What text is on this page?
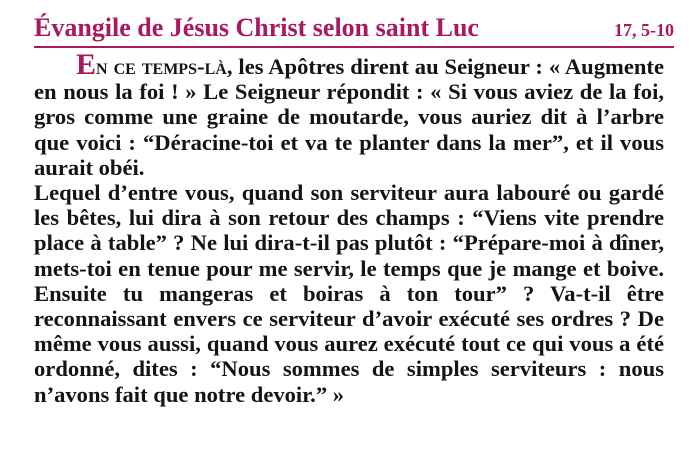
Évangile de Jésus Christ selon saint Luc	17, 5-10

En ce temps-là, les Apôtres dirent au Seigneur : « Augmente en nous la foi ! » Le Seigneur répondit : « Si vous aviez de la foi, gros comme une graine de moutarde, vous auriez dit à l’arbre que voici : “Déracine-toi et va te planter dans la mer”, et il vous aurait obéi.

Lequel d’entre vous, quand son serviteur aura labouré ou gardé les bêtes, lui dira à son retour des champs : “Viens vite prendre place à table” ? Ne lui dira-t-il pas plutôt : “Prépare-moi à dîner, mets-toi en tenue pour me servir, le temps que je mange et boive. Ensuite tu mangeras et boiras à ton tour” ? Va-t-il être reconnaissant envers ce serviteur d’avoir exécuté ses ordres ? De même vous aussi, quand vous aurez exécuté tout ce qui vous a été ordonné, dites : “Nous sommes de simples serviteurs : nous n’avons fait que notre devoir.” »
